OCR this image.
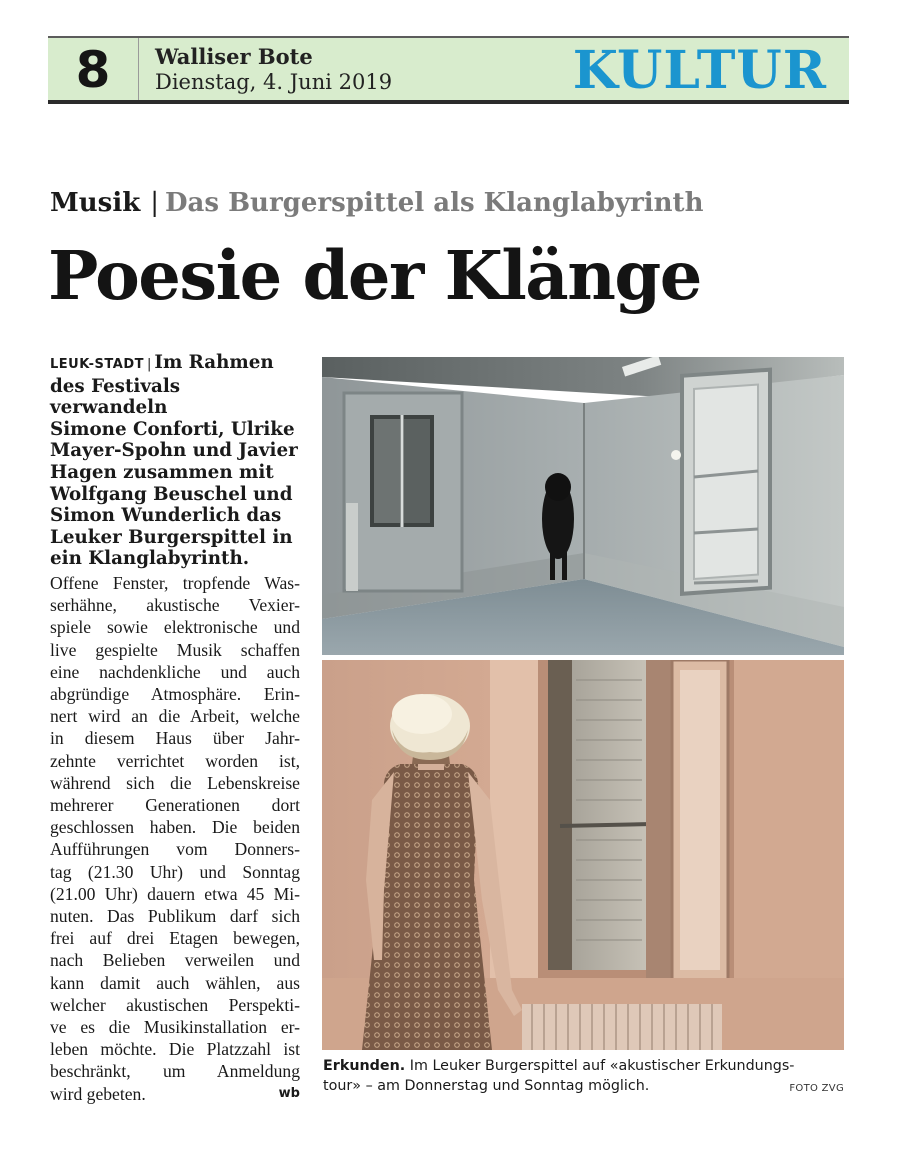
8	Walliser Bote
Dienstag, 4. Juni 2019	KULTUR
Musik | Das Burgerspittel als Klanglabyrinth
Poesie der Klänge
LEUK-STADT | Im Rahmen
des Festivals verwandeln
Simone Conforti, Ulrike
Mayer-Spohn und Javier
Hagen zusammen mit
Wolfgang Beuschel und
Simon Wunderlich das
Leuker Burgerspittel in
ein Klanglabyrinth.
Offene Fenster, tropfende Was-
serhähne, akustische Vexier-
spiele sowie elektronische und
live gespielte Musik schaffen
eine nachdenkliche und auch
abgründige Atmosphäre. Erin-
nert wird an die Arbeit, welche
in diesem Haus über Jahr-
zehnte verrichtet worden ist,
während sich die Lebenskreise
mehrerer Generationen dort
geschlossen haben. Die beiden
Aufführungen vom Donners-
tag (21.30 Uhr) und Sonntag
(21.00 Uhr) dauern etwa 45 Mi-
nuten. Das Publikum darf sich
frei auf drei Etagen bewegen,
nach Belieben verweilen und
kann damit auch wählen, aus
welcher akustischen Perspekti-
ve es die Musikinstallation er-
leben möchte. Die Platzzahl ist
beschränkt, um Anmeldung
wird gebeten.	wb
Erkunden. Im Leuker Burgerspittel auf «akustischer Erkundungs-
tour» – am Donnerstag und Sonntag möglich.	FOTO ZVG
